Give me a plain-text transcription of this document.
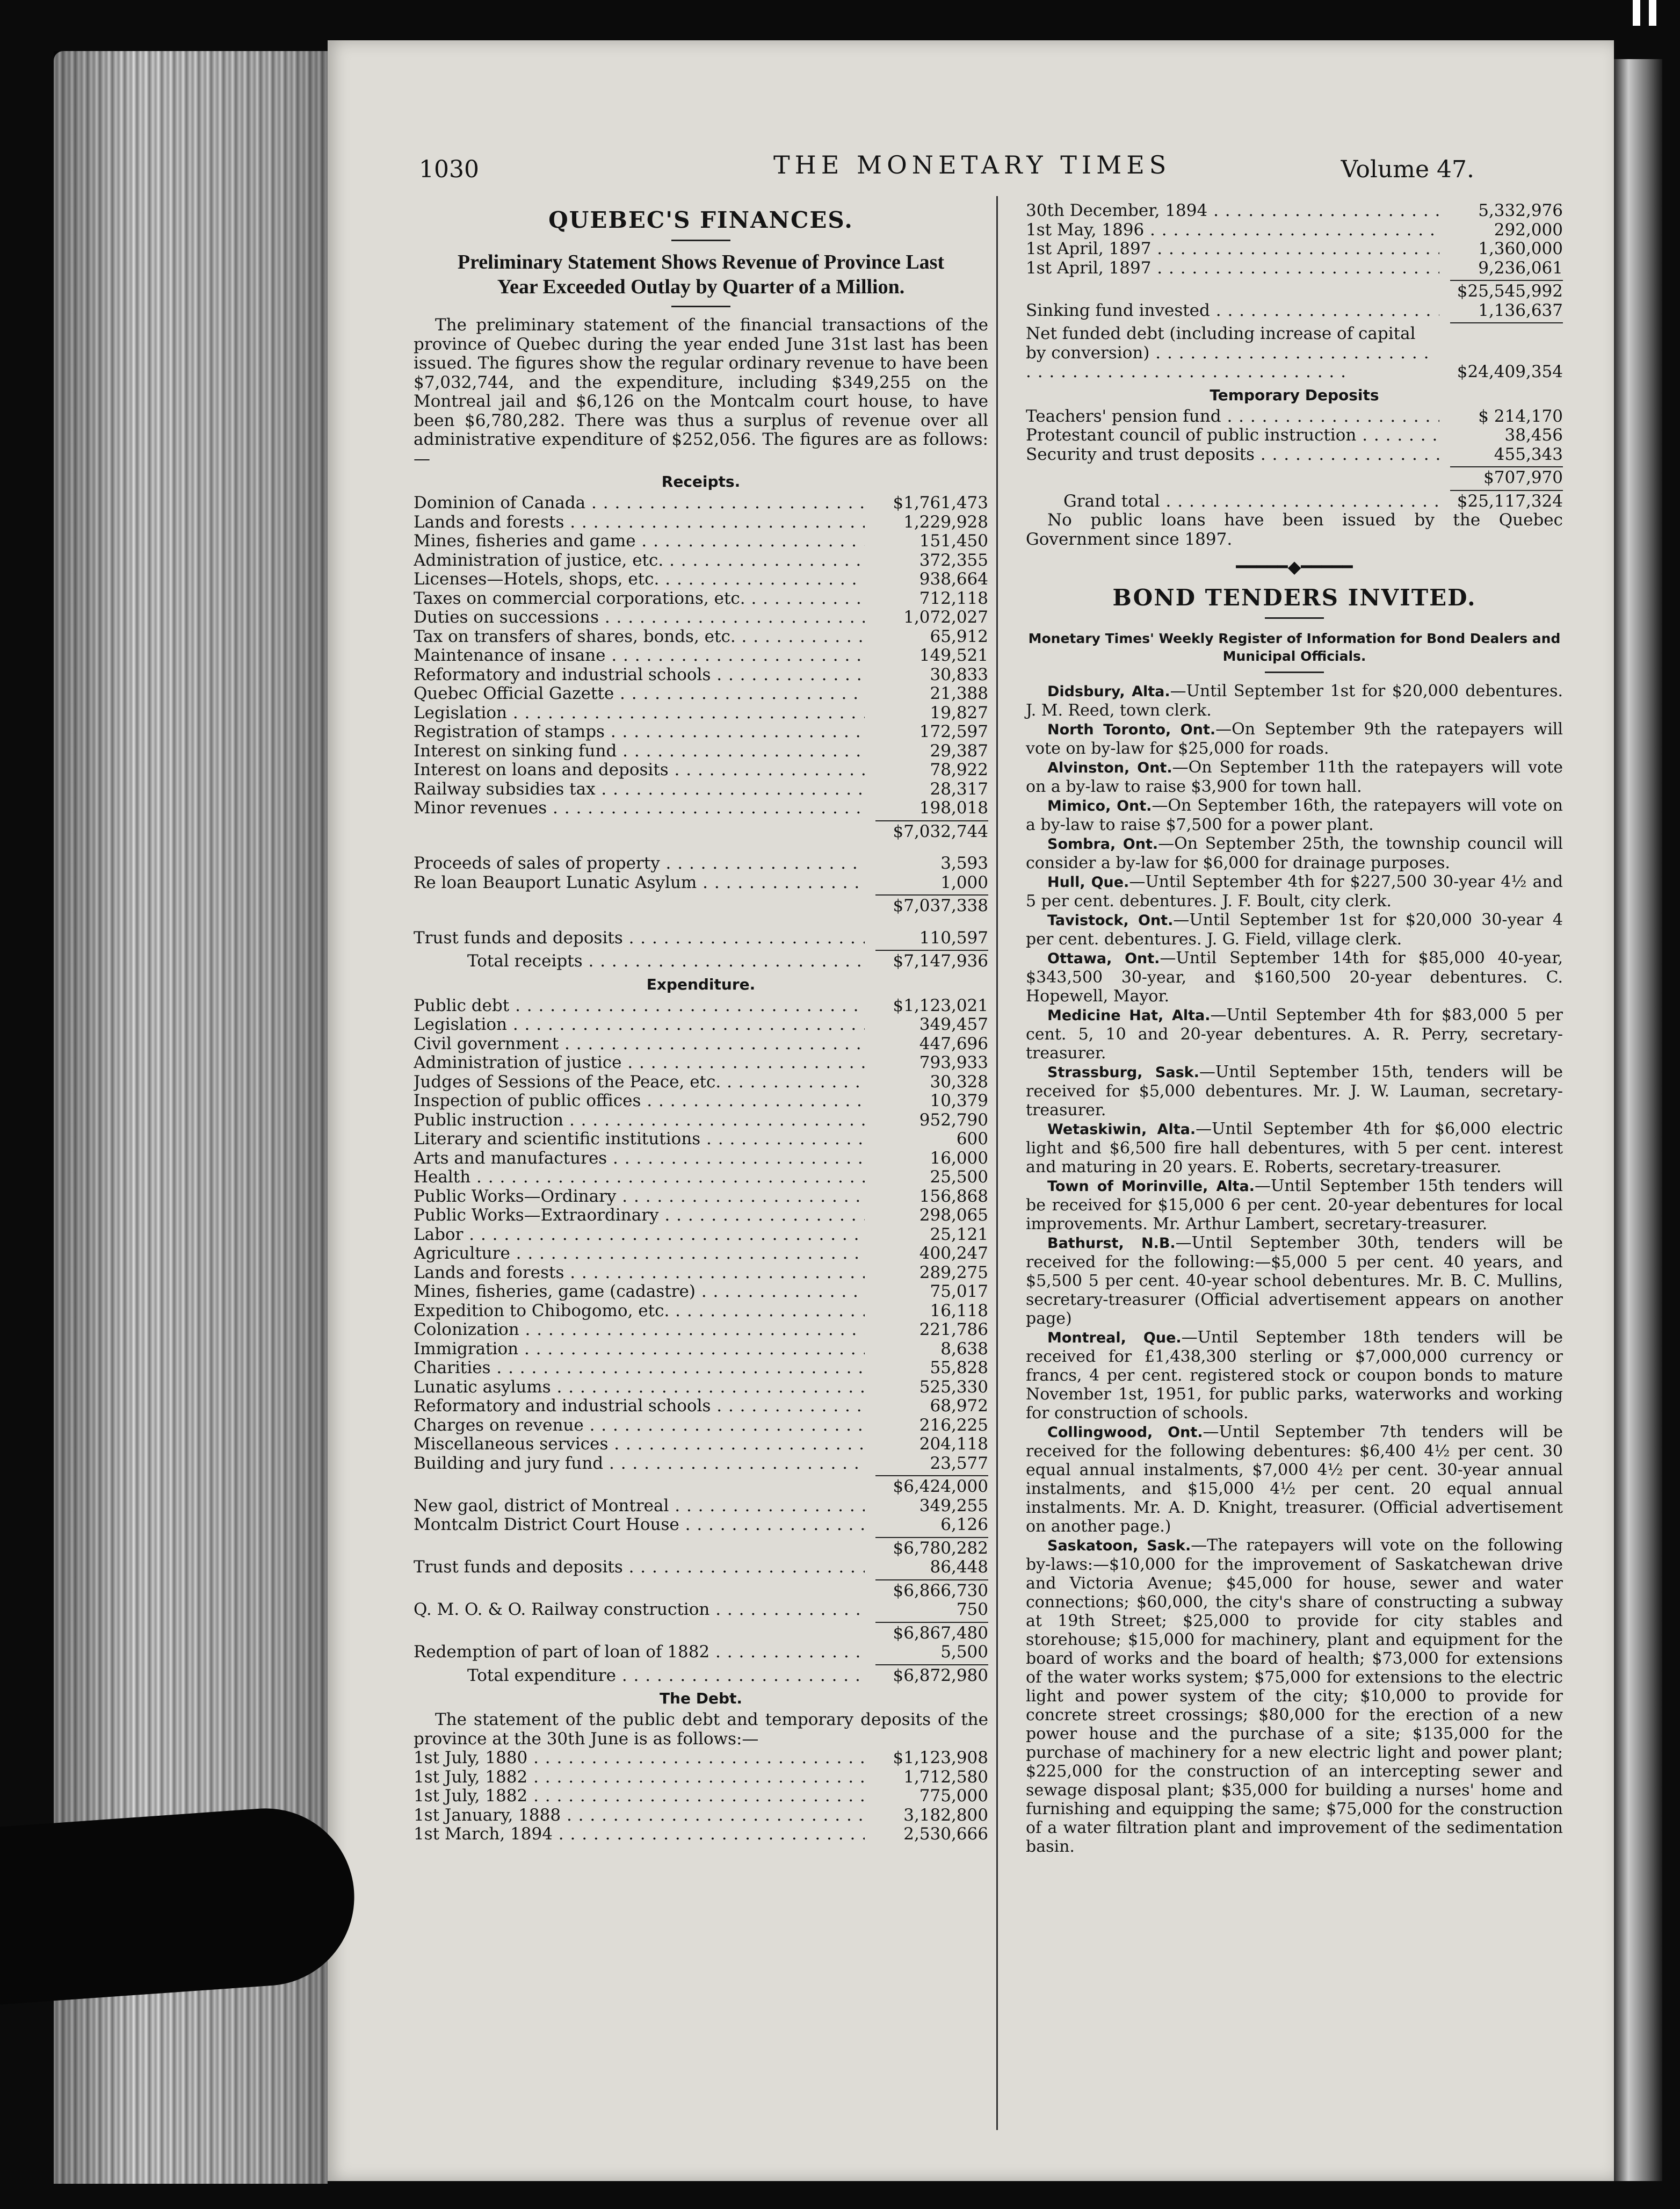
1030	THE MONETARY TIMES	Volume 47.
QUEBEC'S FINANCES.
Preliminary Statement Shows Revenue of Province Last Year Exceeded Outlay by Quarter of a Million.

The preliminary statement of the financial transactions of the province of Quebec during the year ended June 31st last has been issued. The figures show the regular ordinary revenue to have been $7,032,744, and the expenditure, including $349,255 on the Montreal jail and $6,126 on the Montcalm court house, to have been $6,780,282. There was thus a surplus of revenue over all administrative expenditure of $252,056. The figures are as follows:—

Receipts.
Dominion of Canada . . .	$1,761,473
Lands and forests . . .	1,229,928
Mines, fisheries and game . . .	151,450
Administration of justice, etc. . . .	372,355
Licenses—Hotels, shops, etc. . . .	938,664
Taxes on commercial corporations, etc. . . .	712,118
Duties on successions . . .	1,072,027
Tax on transfers of shares, bonds, etc. . . .	65,912
Maintenance of insane . . .	149,521
Reformatory and industrial schools . . .	30,833
Quebec Official Gazette . . .	21,388
Legislation . . .	19,827
Registration of stamps . . .	172,597
Interest on sinking fund . . .	29,387
Interest on loans and deposits . . .	78,922
Railway subsidies tax . . .	28,317
Minor revenues . . .	198,018
$7,032,744
Proceeds of sales of property . . .	3,593
Re loan Beauport Lunatic Asylum . . .	1,000
$7,037,338
Trust funds and deposits . . .	110,597
Total receipts . . .	$7,147,936
Expenditure.
Public debt . . .	$1,123,021
Legislation . . .	349,457
Civil government . . .	447,696
Administration of justice . . .	793,933
Judges of Sessions of the Peace, etc. . . .	30,328
Inspection of public offices . . .	10,379
Public instruction . . .	952,790
Literary and scientific institutions . . .	600
Arts and manufactures . . .	16,000
Health . . .	25,500
Public Works—Ordinary . . .	156,868
Public Works—Extraordinary . . .	298,065
Labor . . .	25,121
Agriculture . . .	400,247
Lands and forests . . .	289,275
Mines, fisheries, game (cadastre) . . .	75,017
Expedition to Chibogomo, etc. . . .	16,118
Colonization . . .	221,786
Immigration . . .	8,638
Charities . . .	55,828
Lunatic asylums . . .	525,330
Reformatory and industrial schools . . .	68,972
Charges on revenue . . .	216,225
Miscellaneous services . . .	204,118
Building and jury fund . . .	23,577
$6,424,000
New gaol, district of Montreal . . .	349,255
Montcalm District Court House . . .	6,126
$6,780,282
Trust funds and deposits . . .	86,448
$6,866,730
Q. M. O. & O. Railway construction . . .	750
$6,867,480
Redemption of part of loan of 1882 . . .	5,500
Total expenditure . . .	$6,872,980
The Debt.

The statement of the public debt and temporary deposits of the province at the 30th June is as follows:—

1st July, 1880 . . .	$1,123,908
1st July, 1882 . . .	1,712,580
1st July, 1882 . . .	775,000
1st January, 1888 . . .	3,182,800
1st March, 1894 . . .	2,530,666
30th December, 1894 . . .	5,332,976
1st May, 1896 . . .	292,000
1st April, 1897 . . .	1,360,000
1st April, 1897 . . .	9,236,061
$25,545,992
Sinking fund invested . . .	1,136,637
Net funded debt (including increase of capital by conversion) . . .
$24,409,354
Temporary Deposits
Teachers' pension fund . . .	$ 214,170
Protestant council of public instruction . . .	38,456
Security and trust deposits . . .	455,343
$707,970
Grand total . . .	$25,117,324

No public loans have been issued by the Quebec Government since 1897.

━━━━━◆━━━━━
BOND TENDERS INVITED.
Monetary Times' Weekly Register of Information for Bond Dealers and Municipal Officials.

Didsbury, Alta.—Until September 1st for $20,000 debentures. J. M. Reed, town clerk.

North Toronto, Ont.—On September 9th the ratepayers will vote on by-law for $25,000 for roads.

Alvinston, Ont.—On September 11th the ratepayers will vote on a by-law to raise $3,900 for town hall.

Mimico, Ont.—On September 16th, the ratepayers will vote on a by-law to raise $7,500 for a power plant.

Sombra, Ont.—On September 25th, the township council will consider a by-law for $6,000 for drainage purposes.

Hull, Que.—Until September 4th for $227,500 30-year 4½ and 5 per cent. debentures. J. F. Boult, city clerk.

Tavistock, Ont.—Until September 1st for $20,000 30-year 4 per cent. debentures. J. G. Field, village clerk.

Ottawa, Ont.—Until September 14th for $85,000 40-year, $343,500 30-year, and $160,500 20-year debentures. C. Hopewell, Mayor.

Medicine Hat, Alta.—Until September 4th for $83,000 5 per cent. 5, 10 and 20-year debentures. A. R. Perry, secretary-treasurer.

Strassburg, Sask.—Until September 15th, tenders will be received for $5,000 debentures. Mr. J. W. Lauman, secretary-treasurer.

Wetaskiwin, Alta.—Until September 4th for $6,000 electric light and $6,500 fire hall debentures, with 5 per cent. interest and maturing in 20 years. E. Roberts, secretary-treasurer.

Town of Morinville, Alta.—Until September 15th tenders will be received for $15,000 6 per cent. 20-year debentures for local improvements. Mr. Arthur Lambert, secretary-treasurer.

Bathurst, N.B.—Until September 30th, tenders will be received for the following:—$5,000 5 per cent. 40 years, and $5,500 5 per cent. 40-year school debentures. Mr. B. C. Mullins, secretary-treasurer (Official advertisement appears on another page)

Montreal, Que.—Until September 18th tenders will be received for £1,438,300 sterling or $7,000,000 currency or francs, 4 per cent. registered stock or coupon bonds to mature November 1st, 1951, for public parks, waterworks and working for construction of schools.

Collingwood, Ont.—Until September 7th tenders will be received for the following debentures: $6,400 4½ per cent. 30 equal annual instalments, $7,000 4½ per cent. 30-year annual instalments, and $15,000 4½ per cent. 20 equal annual instalments. Mr. A. D. Knight, treasurer. (Official advertisement on another page.)

Saskatoon, Sask.—The ratepayers will vote on the following by-laws:—$10,000 for the improvement of Saskatchewan drive and Victoria Avenue; $45,000 for house, sewer and water connections; $60,000, the city's share of constructing a subway at 19th Street; $25,000 to provide for city stables and storehouse; $15,000 for machinery, plant and equipment for the board of works and the board of health; $73,000 for extensions of the water works system; $75,000 for extensions to the electric light and power system of the city; $10,000 to provide for concrete street crossings; $80,000 for the erection of a new power house and the purchase of a site; $135,000 for the purchase of machinery for a new electric light and power plant; $225,000 for the construction of an intercepting sewer and sewage disposal plant; $35,000 for building a nurses' home and furnishing and equipping the same; $75,000 for the construction of a water filtration plant and improvement of the sedimentation basin.
